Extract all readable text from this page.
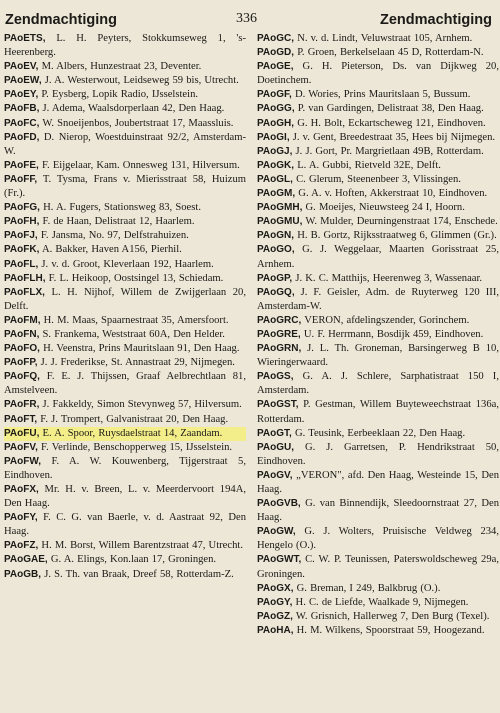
Zendmachtiging	336	Zendmachtiging
PAoETS, L. H. Peyters, Stokkumseweg 1, 's-Heerenberg.
PAoEV, M. Albers, Hunzestraat 23, Deventer.
PAoEW, J. A. Westerwout, Leidseweg 59 bis, Utrecht.
PAoEY, P. Eysberg, Lopik Radio, IJsselstein.
PAoFB, J. Adema, Waalsdorperlaan 42, Den Haag.
PAoFC, W. Snoeijenbos, Joubertstraat 17, Maassluis.
PAoFD, D. Nierop, Woestduinstraat 92/2, Amsterdam-W.
PAoFE, F. Eijgelaar, Kam. Onnesweg 131, Hilversum.
PAoFF, T. Tysma, Frans v. Mierisstraat 58, Huizum (Fr.).
PAoFG, H. A. Fugers, Stationsweg 83, Soest.
PAoFH, F. de Haan, Delistraat 12, Haarlem.
PAoFJ, F. Jansma, No. 97, Delfstrahuizen.
PAoFK, A. Bakker, Haven A156, Pierhil.
PAoFL, J. v. d. Groot, Kleverlaan 192, Haarlem.
PAoFLH, F. L. Heikoop, Oostsingel 13, Schiedam.
PAoFLX, L. H. Nijhof, Willem de Zwijgerlaan 20, Delft.
PAoFM, H. M. Maas, Spaarnestraat 35, Amersfoort.
PAoFN, S. Frankema, Weststraat 60A, Den Helder.
PAoFO, H. Veenstra, Prins Mauritslaan 91, Den Haag.
PAoFP, J. J. Frederikse, St. Annastraat 29, Nijmegen.
PAoFQ, F. E. J. Thijssen, Graaf Aelbrechtlaan 81, Amstelveen.
PAoFR, J. Fakkeldy, Simon Stevynweg 57, Hilversum.
PAoFT, F. J. Trompert, Galvanistraat 20, Den Haag.
PAoFU, E. A. Spoor, Ruysdaelstraat 14, Zaandam.
PAoFV, F. Verlinde, Benschopperweg 15, IJsselstein.
PAoFW, F. A. W. Kouwenberg, Tijgerstraat 5, Eindhoven.
PAoFX, Mr. H. v. Breen, L. v. Meerdervoort 194A, Den Haag.
PAoFY, F. C. G. van Baerle, v. d. Aastraat 92, Den Haag.
PAoFZ, H. M. Borst, Willem Barentzstraat 47, Utrecht.
PAoGAE, G. A. Elings, Kon.laan 17, Groningen.
PAoGB, J. S. Th. van Braak, Dreef 58, Rotterdam-Z.
PAoGC, N. v. d. Lindt, Veluwstraat 105, Arnhem.
PAoGD, P. Groen, Berkelselaan 45 D, Rotterdam-N.
PAoGE, G. H. Pieterson, Ds. van Dijkweg 20, Doetinchem.
PAoGF, D. Wories, Prins Mauritslaan 5, Bussum.
PAoGG, P. van Gardingen, Delistraat 38, Den Haag.
PAoGH, G. H. Bolt, Eckartscheweg 121, Eindhoven.
PAoGI, J. v. Gent, Breedestraat 35, Hees bij Nijmegen.
PAoGJ, J. J. Gort, Pr. Margrietlaan 49B, Rotterdam.
PAoGK, L. A. Gubbi, Rietveld 32E, Delft.
PAoGL, C. Glerum, Steenenbeer 3, Vlissingen.
PAoGM, G. A. v. Hoften, Akkerstraat 10, Eindhoven.
PAoGMH, G. Moeijes, Nieuwsteeg 24 I, Hoorn.
PAoGMU, W. Mulder, Deurningenstraat 174, Enschede.
PAoGN, H. B. Gortz, Rijksstraatweg 6, Glimmen (Gr.).
PAoGO, G. J. Weggelaar, Maarten Gorisstraat 25, Arnhem.
PAoGP, J. K. C. Matthijs, Heerenweg 3, Wassenaar.
PAoGQ, J. F. Geisler, Adm. de Ruyterweg 120 III, Amsterdam-W.
PAoGRC, VERON, afdelingszender, Gorinchem.
PAoGRE, U. F. Herrmann, Bosdijk 459, Eindhoven.
PAoGRN, J. L. Th. Groneman, Barsingerweg B 10, Wieringerwaard.
PAoGS, G. A. J. Schlere, Sarphatistraat 150 I, Amsterdam.
PAoGST, P. Gestman, Willem Buyteweechstraat 136a, Rotterdam.
PAoGT, G. Teusink, Eerbeeklaan 22, Den Haag.
PAoGU, G. J. Garretsen, P. Hendrikstraat 50, Eindhoven.
PAoGV, „VERON", afd. Den Haag, Westeinde 15, Den Haag.
PAoGVB, G. van Binnendijk, Sleedoornstraat 27, Den Haag.
PAoGW, G. J. Wolters, Pruisische Veldweg 234, Hengelo (O.).
PAoGWT, C. W. P. Teunissen, Paterswoldscheweg 29a, Groningen.
PAoGX, G. Breman, I 249, Balkbrug (O.).
PAoGY, H. C. de Liefde, Waalkade 9, Nijmegen.
PAoGZ, W. Grisnich, Hallerweg 7, Den Burg (Texel).
PAoHA, H. M. Wilkens, Spoorstraat 59, Hoogezand.
